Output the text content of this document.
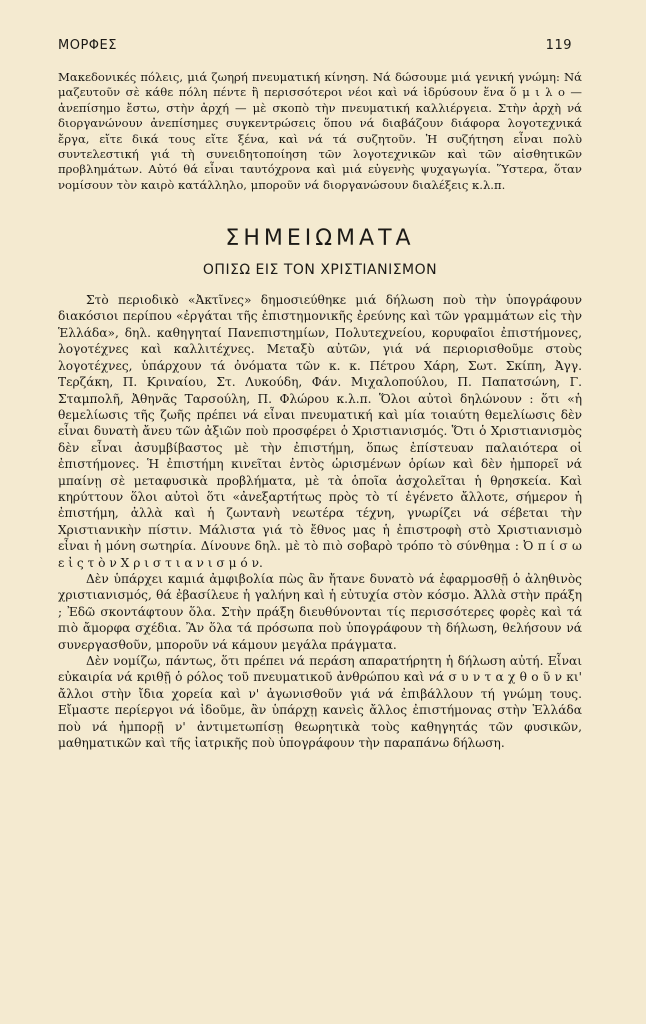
ΜΟΡΦΕΣ	119

Μακεδονικές πόλεις, μιά ζωηρή πνευματική κίνηση. Νά δώσουμε μιά γενική γνώμη: Νά μαζευτοῦν σὲ κάθε πόλη πέντε ἢ περισσότεροι νέοι καὶ νά ἱδρύσουν ἕνα ὅ μ ι λ ο — ἀνεπίσημο ἔστω, στὴν ἀρχή — μὲ σκοπὸ τὴν πνευματική καλλιέργεια. Στὴν ἀρχὴ νά διοργανώνουν ἀνεπίσημες συγκεντρώσεις ὅπου νά διαβάζουν διάφορα λογοτεχνικά ἔργα, εἴτε δικά τους εἴτε ξένα, καὶ νά τά συζητοῦν. Ἡ συζήτηση εἶναι πολὺ συντελεστική γιά τὴ συνειδητοποίηση τῶν λογοτεχνικῶν καὶ τῶν αἰσθητικῶν προβλημάτων. Αὐτό θά εἶναι ταυτόχρονα καὶ μιά εὐγενὴς ψυχαγωγία. Ὕστερα, ὅταν νομίσουν τὸν καιρὸ κατάλληλο, μποροῦν νά διοργανώσουν διαλέξεις κ.λ.π.

ΣΗΜΕΙΩΜΑΤΑ
ΟΠΙΣΩ ΕΙΣ ΤΟΝ ΧΡΙΣΤΙΑΝΙΣΜΟΝ

Στὸ περιοδικὸ «Ἀκτῖνες» δημοσιεύθηκε μιά δήλωση ποὺ τὴν ὑπογράφουν διακόσιοι περίπου «ἐργάται τῆς ἐπιστημονικῆς ἐρεύνης καὶ τῶν γραμμάτων εἰς τὴν Ἑλλάδα», δηλ. καθηγηταί Πανεπιστημίων, Πολυτεχνείου, κορυφαῖοι ἐπιστήμονες, λογοτέχνες καὶ καλλιτέχνες. Μεταξὺ αὐτῶν, γιά νά περιορισθοῦμε στοὺς λογοτέχνες, ὑπάρχουν τά ὀνόματα τῶν κ. κ. Πέτρου Χάρη, Σωτ. Σκίπη, Ἀγγ. Τερζάκη, Π. Κριναίου, Στ. Λυκούδη, Φάν. Μιχαλοπούλου, Π. Παπατσώνη, Γ. Σταμπολῆ, Ἀθηνᾶς Ταρσούλη, Π. Φλώρου κ.λ.π. Ὅλοι αὐτοὶ δηλώνουν : ὅτι «ἡ θεμελίωσις τῆς ζωῆς πρέπει νά εἶναι πνευματική καὶ μία τοιαύτη θεμελίωσις δὲν εἶναι δυνατὴ ἄνευ τῶν ἀξιῶν ποὺ προσφέρει ὁ Χριστιανισμός. Ὅτι ὁ Χριστιανισμὸς δὲν εἶναι ἀσυμβίβαστος μὲ τὴν ἐπιστήμη, ὅπως ἐπίστευαν παλαιότερα οἱ ἐπιστήμονες. Ἡ ἐπιστήμη κινεῖται ἐντὸς ὡρισμένων ὁρίων καὶ δὲν ἠμπορεῖ νά μπαίνῃ σὲ μεταφυσικὰ προβλήματα, μὲ τὰ ὁποῖα ἀσχολεῖται ἡ θρησκεία. Καὶ κηρύττουν ὅλοι αὐτοὶ ὅτι «ἀνεξαρτήτως πρὸς τὸ τί ἐγένετο ἄλλοτε, σήμερον ἡ ἐπιστήμη, ἀλλὰ καὶ ἡ ζωντανὴ νεωτέρα τέχνη, γνωρίζει νά σέβεται τὴν Χριστιανικὴν πίστιν. Μάλιστα γιά τὸ ἔθνος μας ἡ ἐπιστροφὴ στὸ Χριστιανισμὸ εἶναι ἡ μόνη σωτηρία. Δίνουνε δηλ. μὲ τὸ πιὸ σοβαρὸ τρόπο τὸ σύνθημα : Ὀ π ί σ ω ε ἰ ς τ ὸ ν Χ ρ ι σ τ ι α ν ι σ μ ό ν.

Δὲν ὑπάρχει καμιά ἀμφιβολία πὼς ἂν ἤτανε δυνατὸ νά ἐφαρμοσθῇ ὁ ἀληθινὸς χριστιανισμός, θά ἐβασίλευε ἡ γαλήνη καὶ ἡ εὐτυχία στὸν κόσμο. Ἀλλὰ στὴν πράξη ; Ἐδῶ σκοντάφτουν ὅλα. Στὴν πράξη διευθύνονται τίς περισσότερες φορὲς καὶ τά πιὸ ἄμορφα σχέδια. Ἂν ὅλα τά πρόσωπα ποὺ ὑπογράφουν τὴ δήλωση, θελήσουν νά συνεργασθοῦν, μποροῦν νά κάμουν μεγάλα πράγματα.

Δὲν νομίζω, πάντως, ὅτι πρέπει νά περάση απαρατήρητη ἡ δήλωση αὐτή. Εἶναι εὐκαιρία νά κριθῇ ὁ ρόλος τοῦ πνευματικοῦ ἀνθρώπου καὶ νά σ υ ν τ α χ θ ο ῦ ν κι' ἄλλοι στὴν ἴδια χορεία καὶ ν' ἀγωνισθοῦν γιά νά ἐπιβάλλουν τή γνώμη τους. Εἴμαστε περίεργοι νά ἰδοῦμε, ἂν ὑπάρχῃ κανεὶς ἄλλος ἐπιστήμονας στὴν Ἑλλάδα ποὺ νά ἠμπορῇ ν' ἀντιμετωπίσῃ θεωρητικὰ τοὺς καθηγητάς τῶν φυσικῶν, μαθηματικῶν καὶ τῆς ἰατρικῆς ποὺ ὑπογράφουν τὴν παραπάνω δήλωση.
